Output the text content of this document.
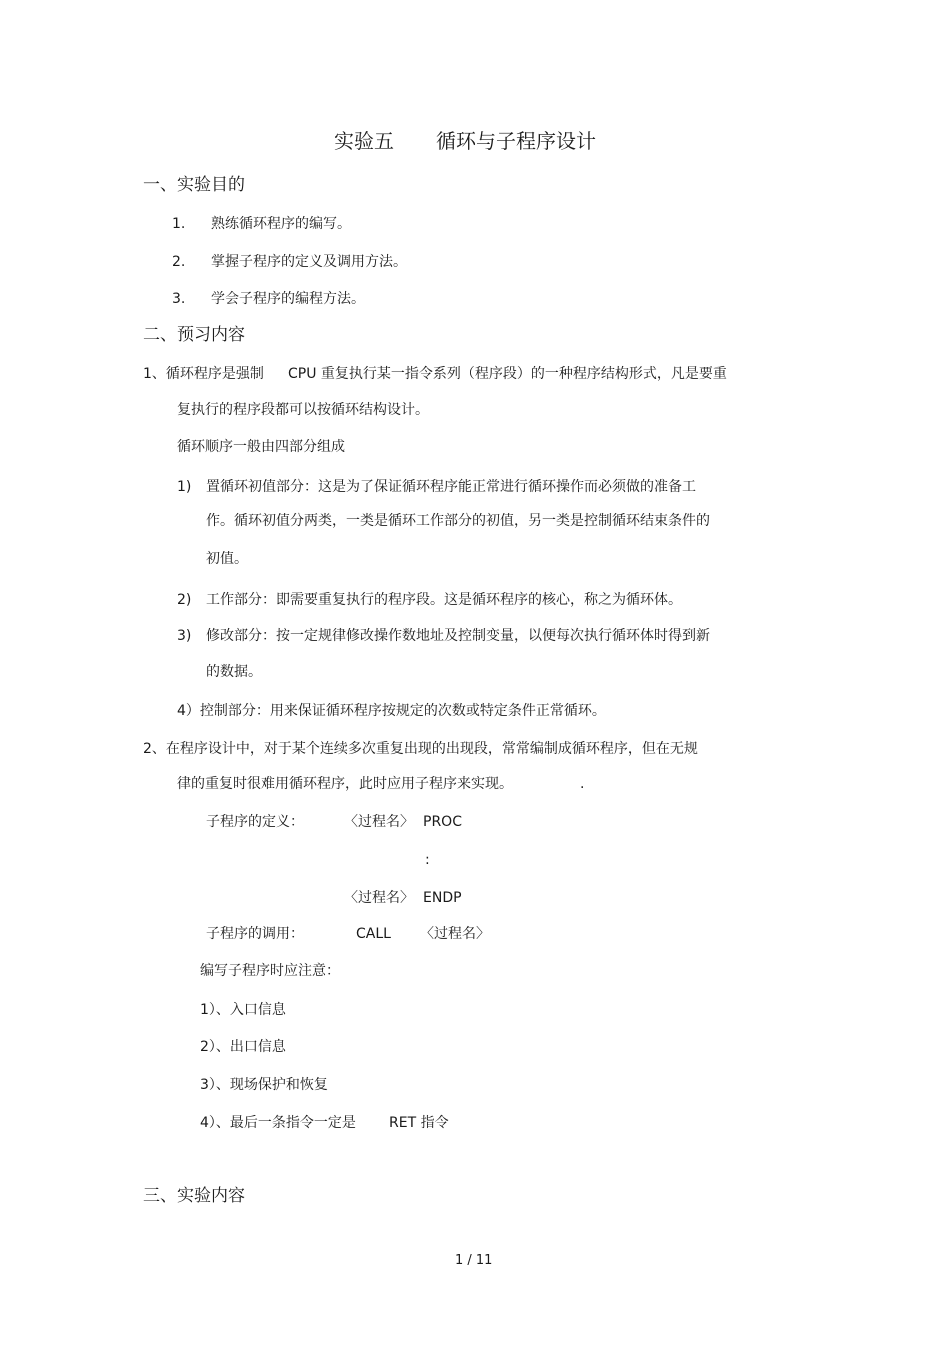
实验五 循环与子程序设计
一、实验目的
1. 熟练循环程序的编写。
2. 掌握子程序的定义及调用方法。
3. 学会子程序的编程方法。
二、预习内容
1、循环程序是强制 CPU 重复执行某一指令系列（程序段）的一种程序结构形式，凡是要重
复执行的程序段都可以按循环结构设计。
循环顺序一般由四部分组成
1) 置循环初值部分：这是为了保证循环程序能正常进行循环操作而必须做的准备工
作。循环初值分两类，一类是循环工作部分的初值，另一类是控制循环结束条件的
初值。
2) 工作部分：即需要重复执行的程序段。这是循环程序的核心，称之为循环体。
3) 修改部分：按一定规律修改操作数地址及控制变量，以便每次执行循环体时得到新
的数据。
4）控制部分：用来保证循环程序按规定的次数或特定条件正常循环。
2、在程序设计中，对于某个连续多次重复出现的出现段，常常编制成循环程序，但在无规
律的重复时很难用循环程序，此时应用子程序来实现。	.
子程序的定义：	〈过程名〉 PROC
:
〈过程名〉 ENDP
子程序的调用：	CALL 〈过程名〉
编写子程序时应注意：
1）、入口信息
2）、出口信息
3）、现场保护和恢复
4）、最后一条指令一定是 RET 指令
三、实验内容
1 / 11
